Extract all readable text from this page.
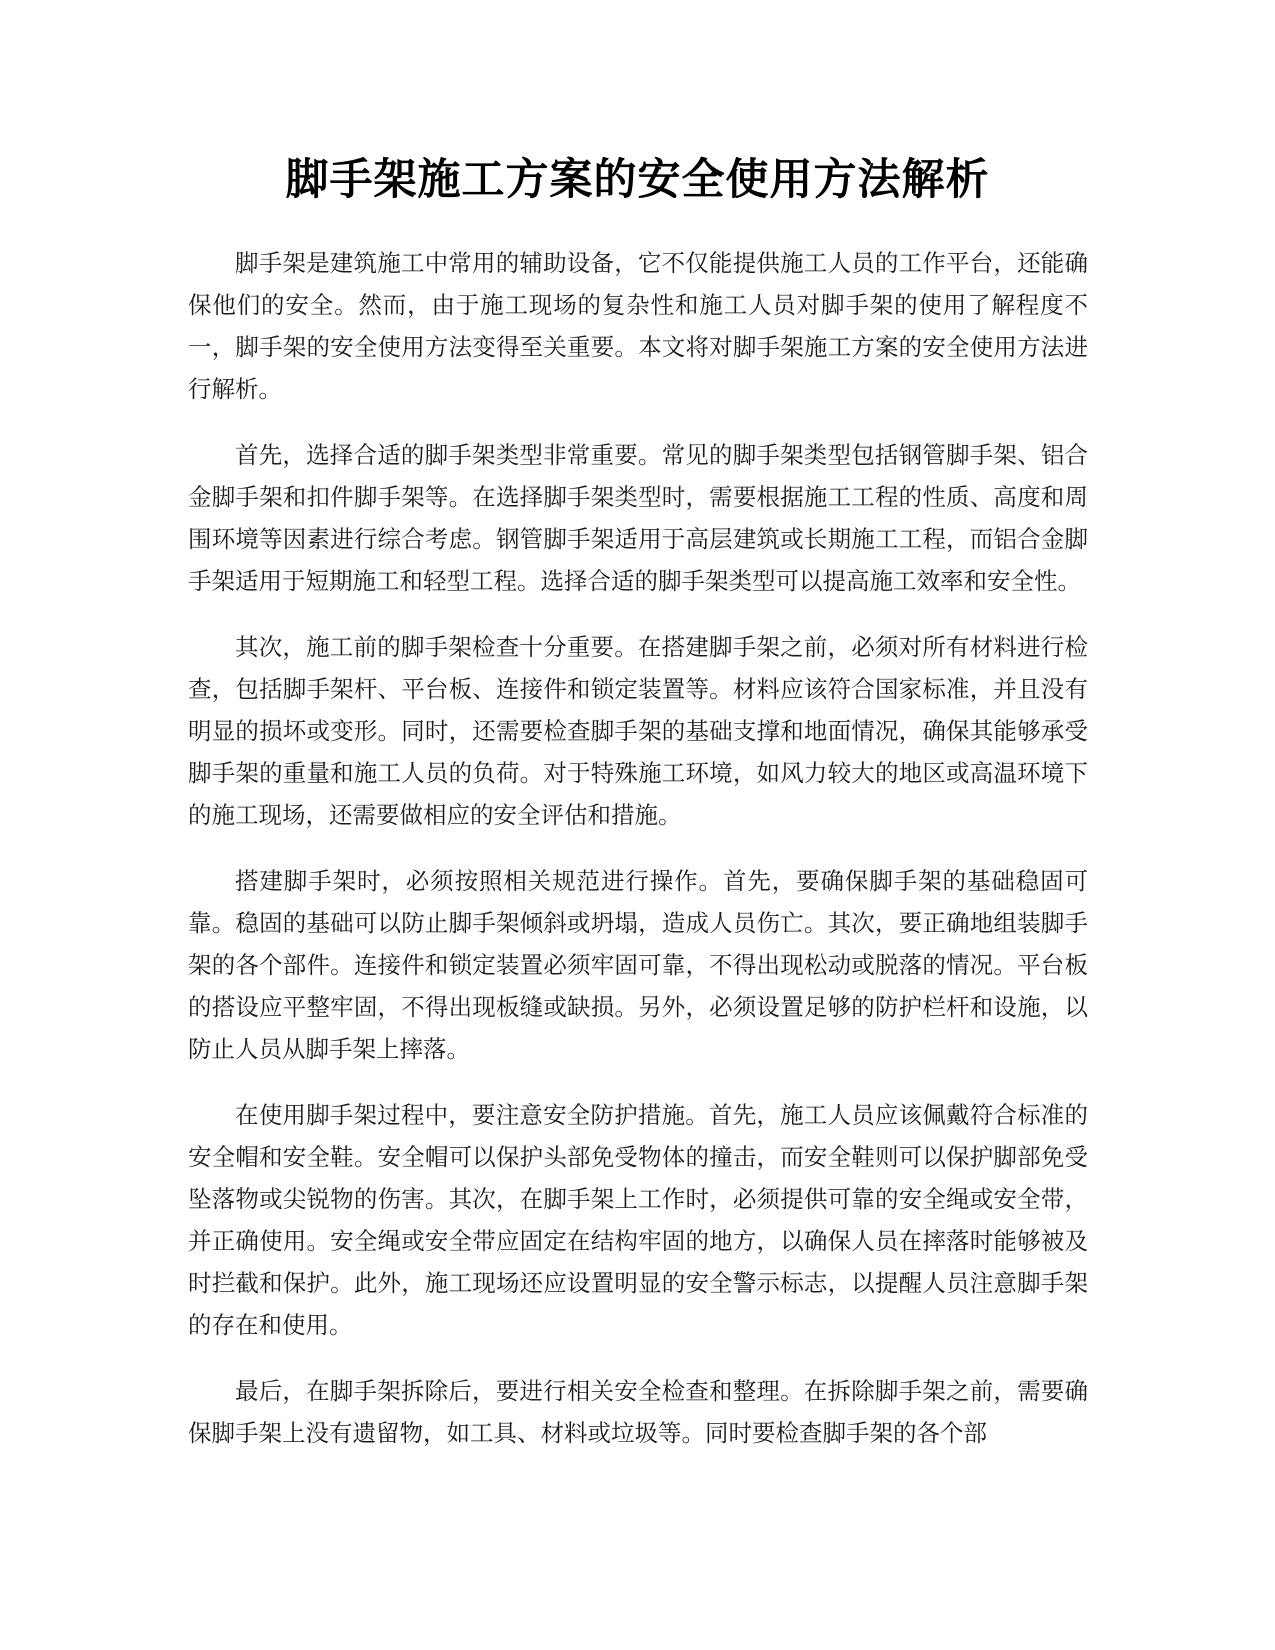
脚手架施工方案的安全使用方法解析

脚手架是建筑施工中常用的辅助设备，它不仅能提供施工人员的工作平台，还能确保他们的安全。然而，由于施工现场的复杂性和施工人员对脚手架的使用了解程度不一，脚手架的安全使用方法变得至关重要。本文将对脚手架施工方案的安全使用方法进行解析。

首先，选择合适的脚手架类型非常重要。常见的脚手架类型包括钢管脚手架、铝合金脚手架和扣件脚手架等。在选择脚手架类型时，需要根据施工工程的性质、高度和周围环境等因素进行综合考虑。钢管脚手架适用于高层建筑或长期施工工程，而铝合金脚手架适用于短期施工和轻型工程。选择合适的脚手架类型可以提高施工效率和安全性。

其次，施工前的脚手架检查十分重要。在搭建脚手架之前，必须对所有材料进行检查，包括脚手架杆、平台板、连接件和锁定装置等。材料应该符合国家标准，并且没有明显的损坏或变形。同时，还需要检查脚手架的基础支撑和地面情况，确保其能够承受脚手架的重量和施工人员的负荷。对于特殊施工环境，如风力较大的地区或高温环境下的施工现场，还需要做相应的安全评估和措施。

搭建脚手架时，必须按照相关规范进行操作。首先，要确保脚手架的基础稳固可靠。稳固的基础可以防止脚手架倾斜或坍塌，造成人员伤亡。其次，要正确地组装脚手架的各个部件。连接件和锁定装置必须牢固可靠，不得出现松动或脱落的情况。平台板的搭设应平整牢固，不得出现板缝或缺损。另外，必须设置足够的防护栏杆和设施，以防止人员从脚手架上摔落。

在使用脚手架过程中，要注意安全防护措施。首先，施工人员应该佩戴符合标准的安全帽和安全鞋。安全帽可以保护头部免受物体的撞击，而安全鞋则可以保护脚部免受坠落物或尖锐物的伤害。其次，在脚手架上工作时，必须提供可靠的安全绳或安全带，并正确使用。安全绳或安全带应固定在结构牢固的地方，以确保人员在摔落时能够被及时拦截和保护。此外，施工现场还应设置明显的安全警示标志，以提醒人员注意脚手架的存在和使用。

最后，在脚手架拆除后，要进行相关安全检查和整理。在拆除脚手架之前，需要确保脚手架上没有遗留物，如工具、材料或垃圾等。同时要检查脚手架的各个部
